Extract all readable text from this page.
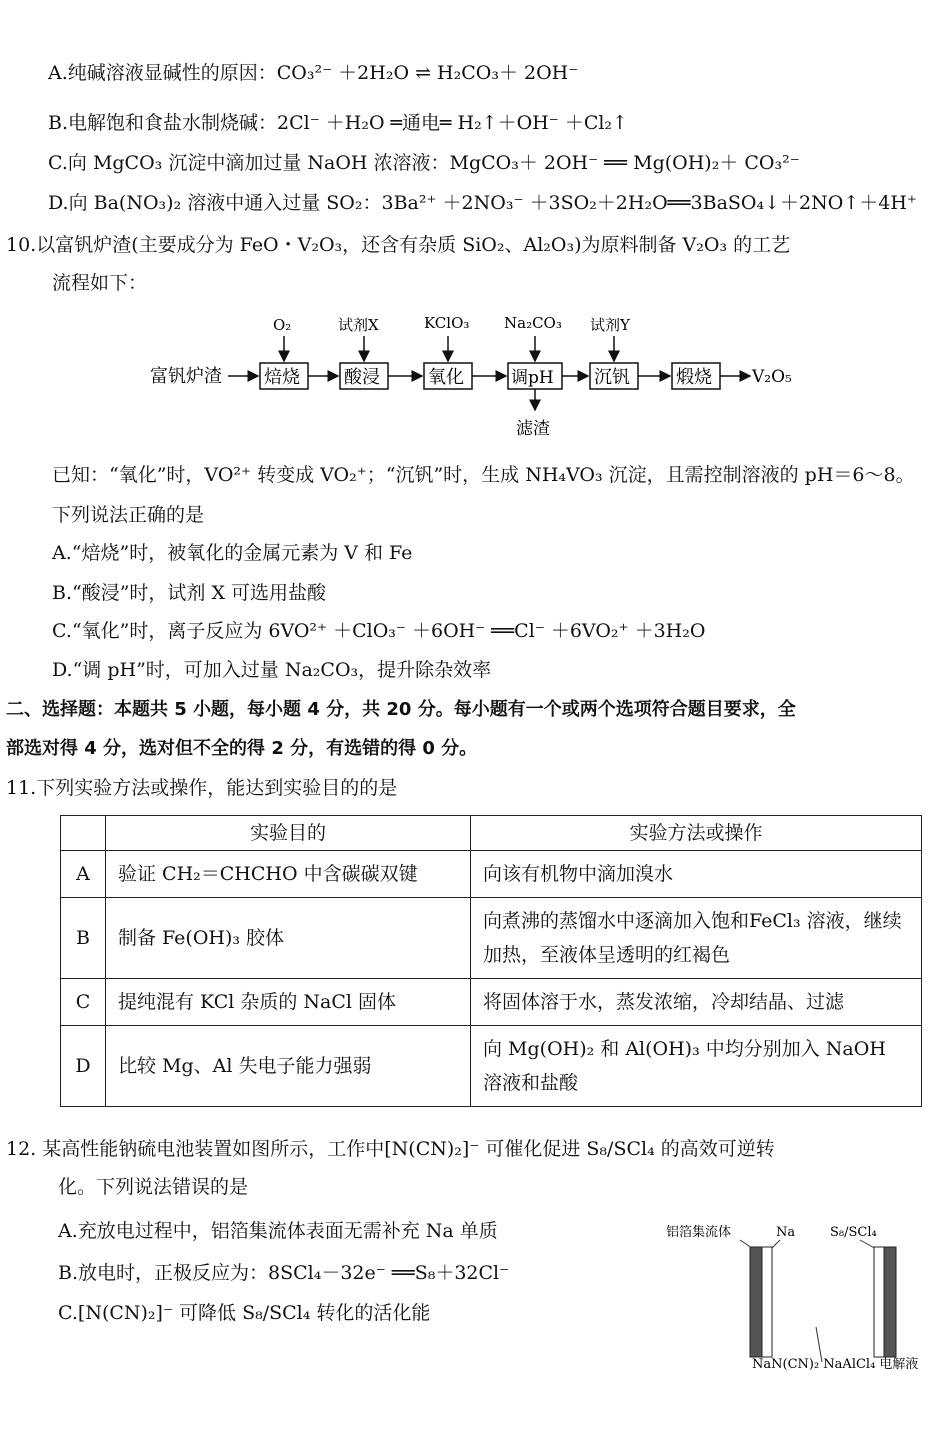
A.纯碱溶液显碱性的原因：CO₃²⁻ ＋2H₂O ⇌ H₂CO₃＋ 2OH⁻
B.电解饱和食盐水制烧碱：2Cl⁻ ＋H₂O ═通电═ H₂↑＋OH⁻ ＋Cl₂↑
C.向 MgCO₃ 沉淀中滴加过量 NaOH 浓溶液：MgCO₃＋ 2OH⁻ ══ Mg(OH)₂＋ CO₃²⁻
D.向 Ba(NO₃)₂ 溶液中通入过量 SO₂：3Ba²⁺ ＋2NO₃⁻ ＋3SO₂＋2H₂O══3BaSO₄↓＋2NO↑＋4H⁺
10.以富钒炉渣(主要成分为 FeO・V₂O₃，还含有杂质 SiO₂、Al₂O₃)为原料制备 V₂O₃ 的工艺
流程如下：
富钒炉渣 焙烧
O₂
酸浸
试剂X
氧化
KClO₃
调pH
Na₂CO₃
滤渣
沉钒
试剂Y
煅烧 V₂O₅
已知：“氧化”时，VO²⁺ 转变成 VO₂⁺；“沉钒”时，生成 NH₄VO₃ 沉淀，且需控制溶液的 pH＝6～8。
下列说法正确的是
A.“焙烧”时，被氧化的金属元素为 V 和 Fe
B.“酸浸”时，试剂 X 可选用盐酸
C.“氧化”时，离子反应为 6VO²⁺ ＋ClO₃⁻ ＋6OH⁻ ══Cl⁻ ＋6VO₂⁺ ＋3H₂O
D.“调 pH”时，可加入过量 Na₂CO₃，提升除杂效率
二、选择题：本题共 5 小题，每小题 4 分，共 20 分。每小题有一个或两个选项符合题目要求，全
部选对得 4 分，选对但不全的得 2 分，有选错的得 0 分。
11.下列实验方法或操作，能达到实验目的的是
	实验目的	实验方法或操作
A	验证 CH₂＝CHCHO 中含碳碳双键	向该有机物中滴加溴水
B	制备 Fe(OH)₃ 胶体	向煮沸的蒸馏水中逐滴加入饱和FeCl₃ 溶液，继续加热，至液体呈透明的红褐色
C	提纯混有 KCl 杂质的 NaCl 固体	将固体溶于水，蒸发浓缩，冷却结晶、过滤
D	比较 Mg、Al 失电子能力强弱	向 Mg(OH)₂ 和 Al(OH)₃ 中均分别加入 NaOH 溶液和盐酸
12. 某高性能钠硫电池装置如图所示，工作中[N(CN)₂]⁻ 可催化促进 S₈/SCl₄ 的高效可逆转
化。下列说法错误的是
A.充放电过程中，铝箔集流体表面无需补充 Na 单质
B.放电时，正极反应为：8SCl₄－32e⁻ ══S₈＋32Cl⁻
C.[N(CN)₂]⁻ 可降低 S₈/SCl₄ 转化的活化能
铝箔集流体	Na	S₈/SCl₄
NaN(CN)₂ NaAlCl₄ 电解液
